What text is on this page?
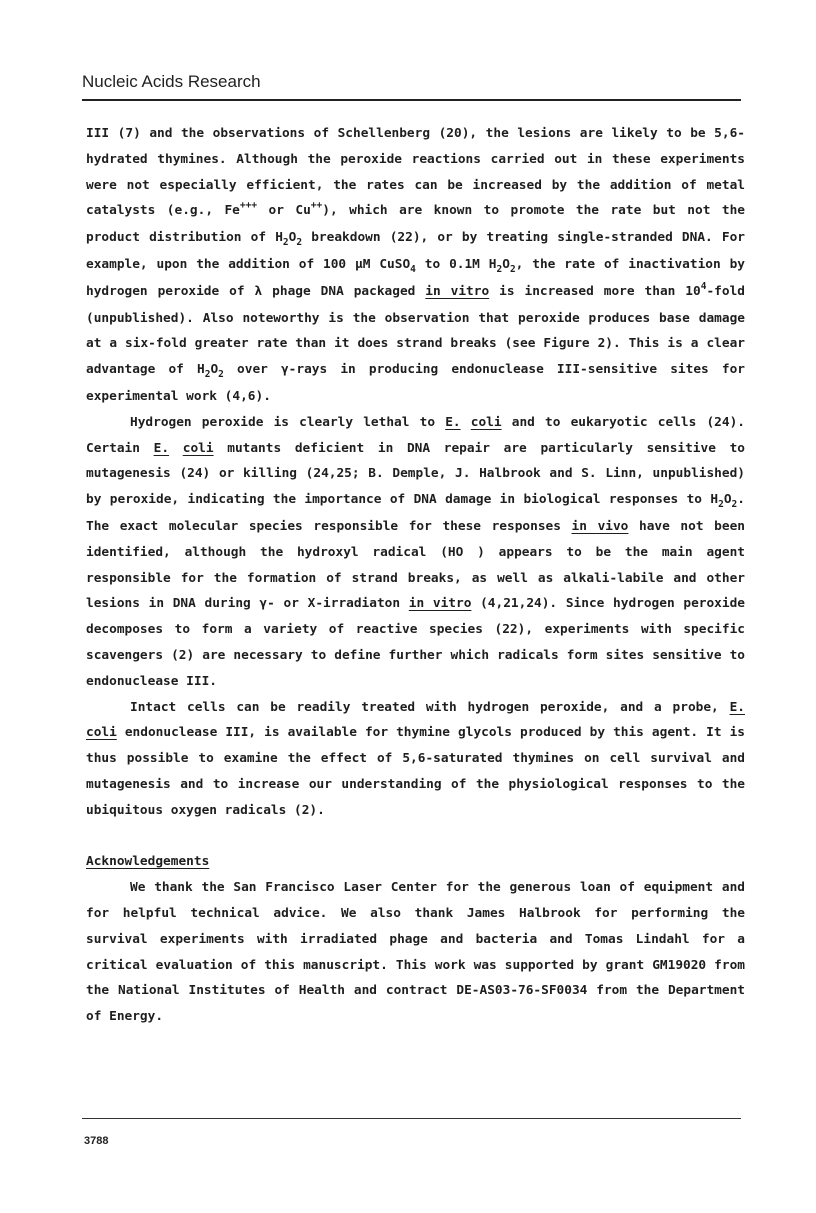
Nucleic Acids Research

III (7) and the observations of Schellenberg (20), the lesions are likely to be 5,6-hydrated thymines. Although the peroxide reactions carried out in these experiments were not especially efficient, the rates can be increased by the addition of metal catalysts (e.g., Fe+++ or Cu++), which are known to promote the rate but not the product distribution of $H_2O_2$ breakdown (22), or by treating single-stranded DNA. For example, upon the addition of 100 μM CuSO$_4$ to 0.1M $H_2O_2$, the rate of inactivation by hydrogen peroxide of λ phage DNA packaged in vitro is increased more than $10^4$-fold (unpublished). Also noteworthy is the observation that peroxide produces base damage at a six-fold greater rate than it does strand breaks (see Figure 2). This is a clear advantage of $H_2O_2$ over γ-rays in producing endonuclease III-sensitive sites for experimental work (4,6).

Hydrogen peroxide is clearly lethal to E. coli and to eukaryotic cells (24). Certain E. coli mutants deficient in DNA repair are particularly sensitive to mutagenesis (24) or killing (24,25; B. Demple, J. Halbrook and S. Linn, unpublished) by peroxide, indicating the importance of DNA damage in biological responses to $H_2O_2$. The exact molecular species responsible for these responses in vivo have not been identified, although the hydroxyl radical (HO ) appears to be the main agent responsible for the formation of strand breaks, as well as alkali-labile and other lesions in DNA during γ- or X-irradiaton in vitro (4,21,24). Since hydrogen peroxide decomposes to form a variety of reactive species (22), experiments with specific scavengers (2) are necessary to define further which radicals form sites sensitive to endonuclease III.

Intact cells can be readily treated with hydrogen peroxide, and a probe, E. coli endonuclease III, is available for thymine glycols produced by this agent. It is thus possible to examine the effect of 5,6-saturated thymines on cell survival and mutagenesis and to increase our understanding of the physiological responses to the ubiquitous oxygen radicals (2).

Acknowledgements

We thank the San Francisco Laser Center for the generous loan of equipment and for helpful technical advice. We also thank James Halbrook for performing the survival experiments with irradiated phage and bacteria and Tomas Lindahl for a critical evaluation of this manuscript. This work was supported by grant GM19020 from the National Institutes of Health and contract DE-AS03-76-SF0034 from the Department of Energy.

3788
